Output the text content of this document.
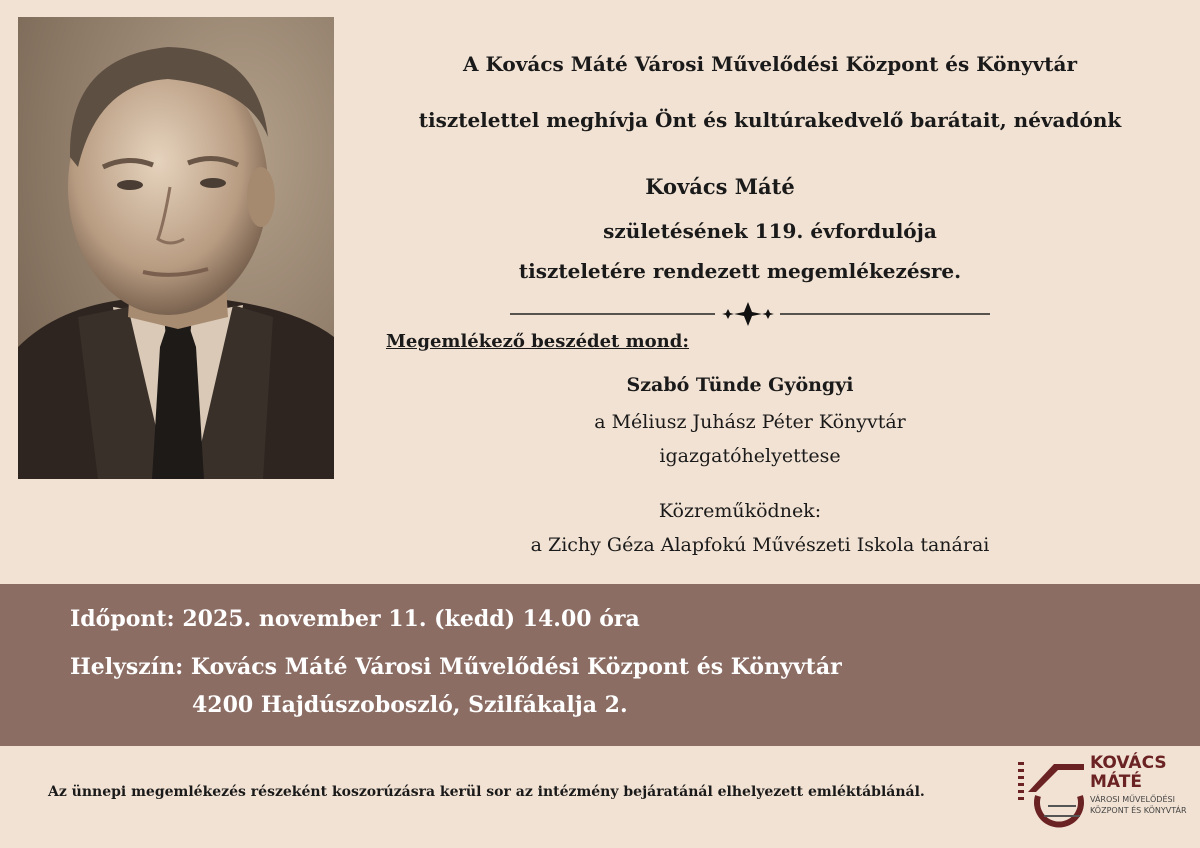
A Kovács Máté Városi Művelődési Központ és Könyvtár
tisztelettel meghívja Önt és kultúrakedvelő barátait, névadónk
Kovács Máté
születésének 119. évfordulója
tiszteletére rendezett megemlékezésre.
Megemlékező beszédet mond:
Szabó Tünde Gyöngyi
a Méliusz Juhász Péter Könyvtár
igazgatóhelyettese
Közreműködnek:
a Zichy Géza Alapfokú Művészeti Iskola tanárai
Időpont: 2025. november 11. (kedd) 14.00 óra
Helyszín: Kovács Máté Városi Művelődési Központ és Könyvtár
4200 Hajdúszoboszló, Szilfákalja 2.
Az ünnepi megemlékezés részeként koszorúzásra kerül sor az intézmény bejáratánál elhelyezett emléktáblánál.
KOVÁCS
MÁTÉ
VÁROSI MŰVELŐDÉSI
KÖZPONT ÉS KÖNYVTÁR
